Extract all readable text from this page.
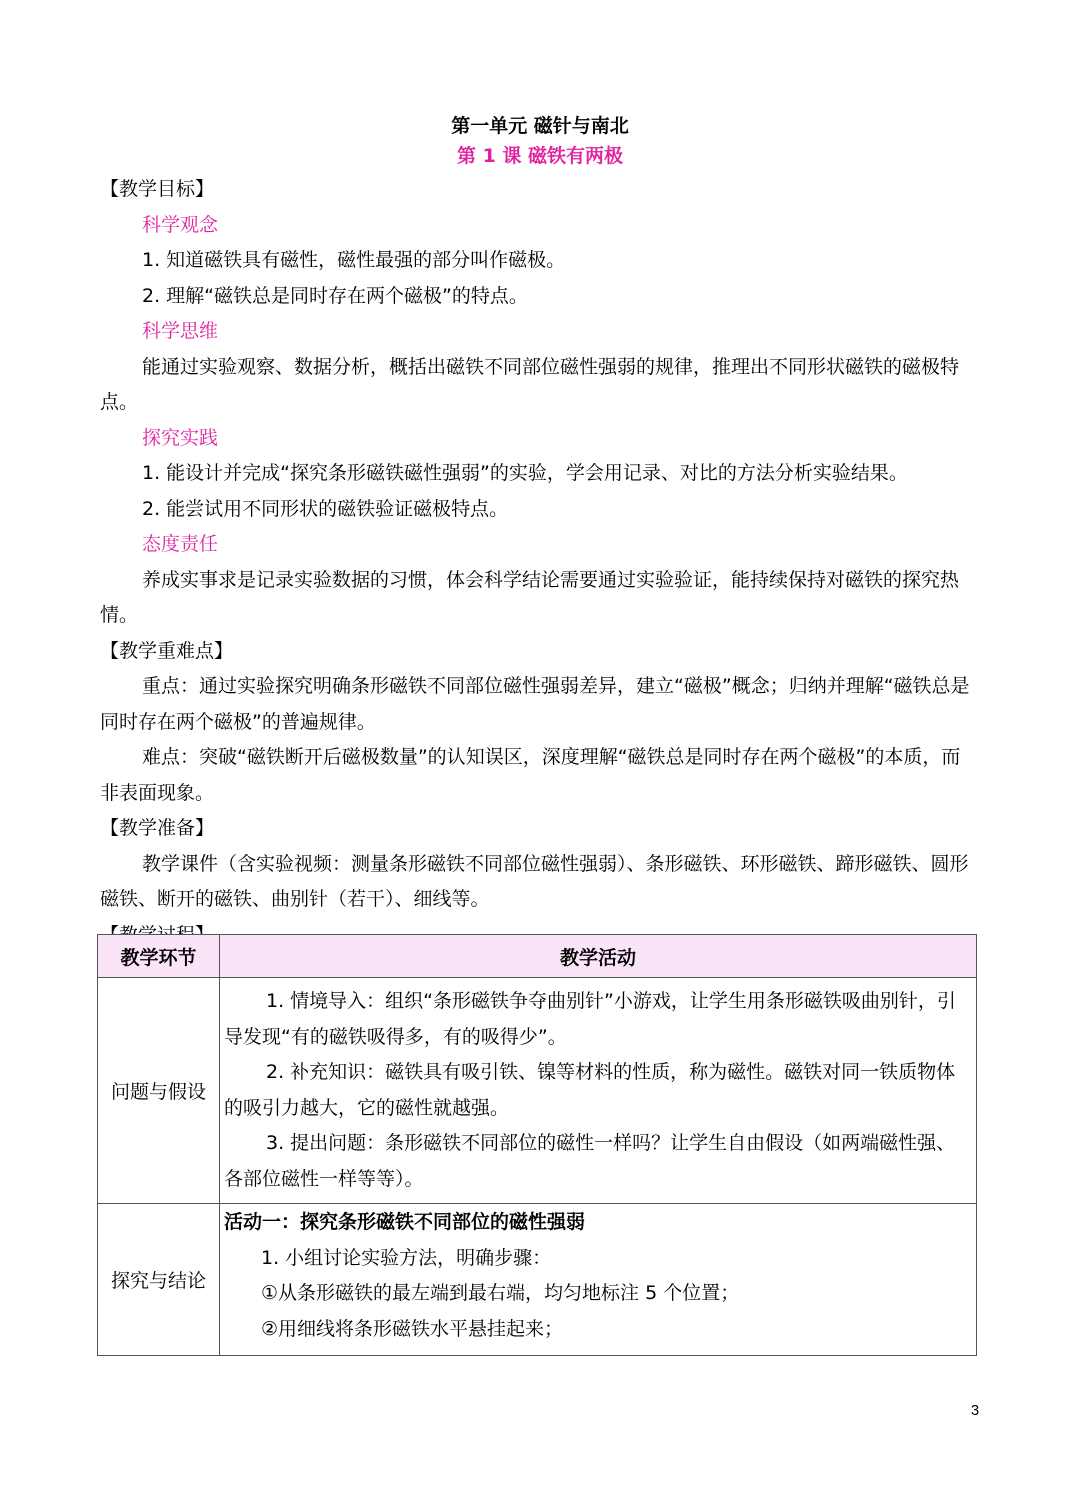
第一单元 磁针与南北
第 1 课 磁铁有两极

【教学目标】

科学观念

1. 知道磁铁具有磁性，磁性最强的部分叫作磁极。

2. 理解“磁铁总是同时存在两个磁极”的特点。

科学思维

能通过实验观察、数据分析，概括出磁铁不同部位磁性强弱的规律，推理出不同形状磁铁的磁极特点。

探究实践

1. 能设计并完成“探究条形磁铁磁性强弱”的实验，学会用记录、对比的方法分析实验结果。

2. 能尝试用不同形状的磁铁验证磁极特点。

态度责任

养成实事求是记录实验数据的习惯，体会科学结论需要通过实验验证，能持续保持对磁铁的探究热情。

【教学重难点】

重点：通过实验探究明确条形磁铁不同部位磁性强弱差异，建立“磁极”概念；归纳并理解“磁铁总是同时存在两个磁极”的普遍规律。

难点：突破“磁铁断开后磁极数量”的认知误区，深度理解“磁铁总是同时存在两个磁极”的本质，而非表面现象。

【教学准备】

教学课件（含实验视频：测量条形磁铁不同部位磁性强弱）、条形磁铁、环形磁铁、蹄形磁铁、圆形磁铁、断开的磁铁、曲别针（若干）、细线等。

教学环节	教学活动
问题与假设	1. 情境导入：组织“条形磁铁争夺曲别针”小游戏，让学生用条形磁铁吸曲别针，引导发现“有的磁铁吸得多，有的吸得少”。

2. 补充知识：磁铁具有吸引铁、镍等材料的性质，称为磁性。磁铁对同一铁质物体的吸引力越大，它的磁性就越强。

3. 提出问题：条形磁铁不同部位的磁性一样吗？让学生自由假设（如两端磁性强、各部位磁性一样等等）。

探究与结论	活动一：探究条形磁铁不同部位的磁性强弱

1. 小组讨论实验方法，明确步骤：

①从条形磁铁的最左端到最右端，均匀地标注 5 个位置；

②用细线将条形磁铁水平悬挂起来；

3
